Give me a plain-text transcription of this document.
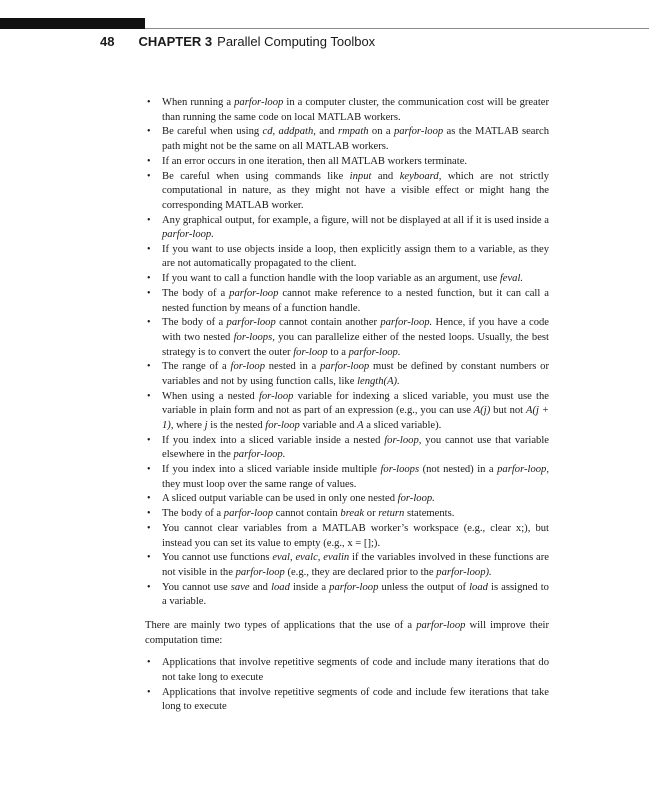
48 CHAPTER 3 Parallel Computing Toolbox
• When running a parfor-loop in a computer cluster, the communication cost will be greater than running the same code on local MATLAB workers.
• Be careful when using cd, addpath, and rmpath on a parfor-loop as the MATLAB search path might not be the same on all MATLAB workers.
• If an error occurs in one iteration, then all MATLAB workers terminate.
• Be careful when using commands like input and keyboard, which are not strictly computational in nature, as they might not have a visible effect or might hang the corresponding MATLAB worker.
• Any graphical output, for example, a figure, will not be displayed at all if it is used inside a parfor-loop.
• If you want to use objects inside a loop, then explicitly assign them to a variable, as they are not automatically propagated to the client.
• If you want to call a function handle with the loop variable as an argument, use feval.
• The body of a parfor-loop cannot make reference to a nested function, but it can call a nested function by means of a function handle.
• The body of a parfor-loop cannot contain another parfor-loop. Hence, if you have a code with two nested for-loops, you can parallelize either of the nested loops. Usually, the best strategy is to convert the outer for-loop to a parfor-loop.
• The range of a for-loop nested in a parfor-loop must be defined by constant numbers or variables and not by using function calls, like length(A).
• When using a nested for-loop variable for indexing a sliced variable, you must use the variable in plain form and not as part of an expression (e.g., you can use A(j) but not A(j + 1), where j is the nested for-loop variable and A a sliced variable).
• If you index into a sliced variable inside a nested for-loop, you cannot use that variable elsewhere in the parfor-loop.
• If you index into a sliced variable inside multiple for-loops (not nested) in a parfor-loop, they must loop over the same range of values.
• A sliced output variable can be used in only one nested for-loop.
• The body of a parfor-loop cannot contain break or return statements.
• You cannot clear variables from a MATLAB worker’s workspace (e.g., clear x;), but instead you can set its value to empty (e.g., x = [];).
• You cannot use functions eval, evalc, evalin if the variables involved in these functions are not visible in the parfor-loop (e.g., they are declared prior to the parfor-loop).
• You cannot use save and load inside a parfor-loop unless the output of load is assigned to a variable.

There are mainly two types of applications that the use of a parfor-loop will improve their computation time:

• Applications that involve repetitive segments of code and include many iterations that do not take long to execute
• Applications that involve repetitive segments of code and include few iterations that take long to execute
